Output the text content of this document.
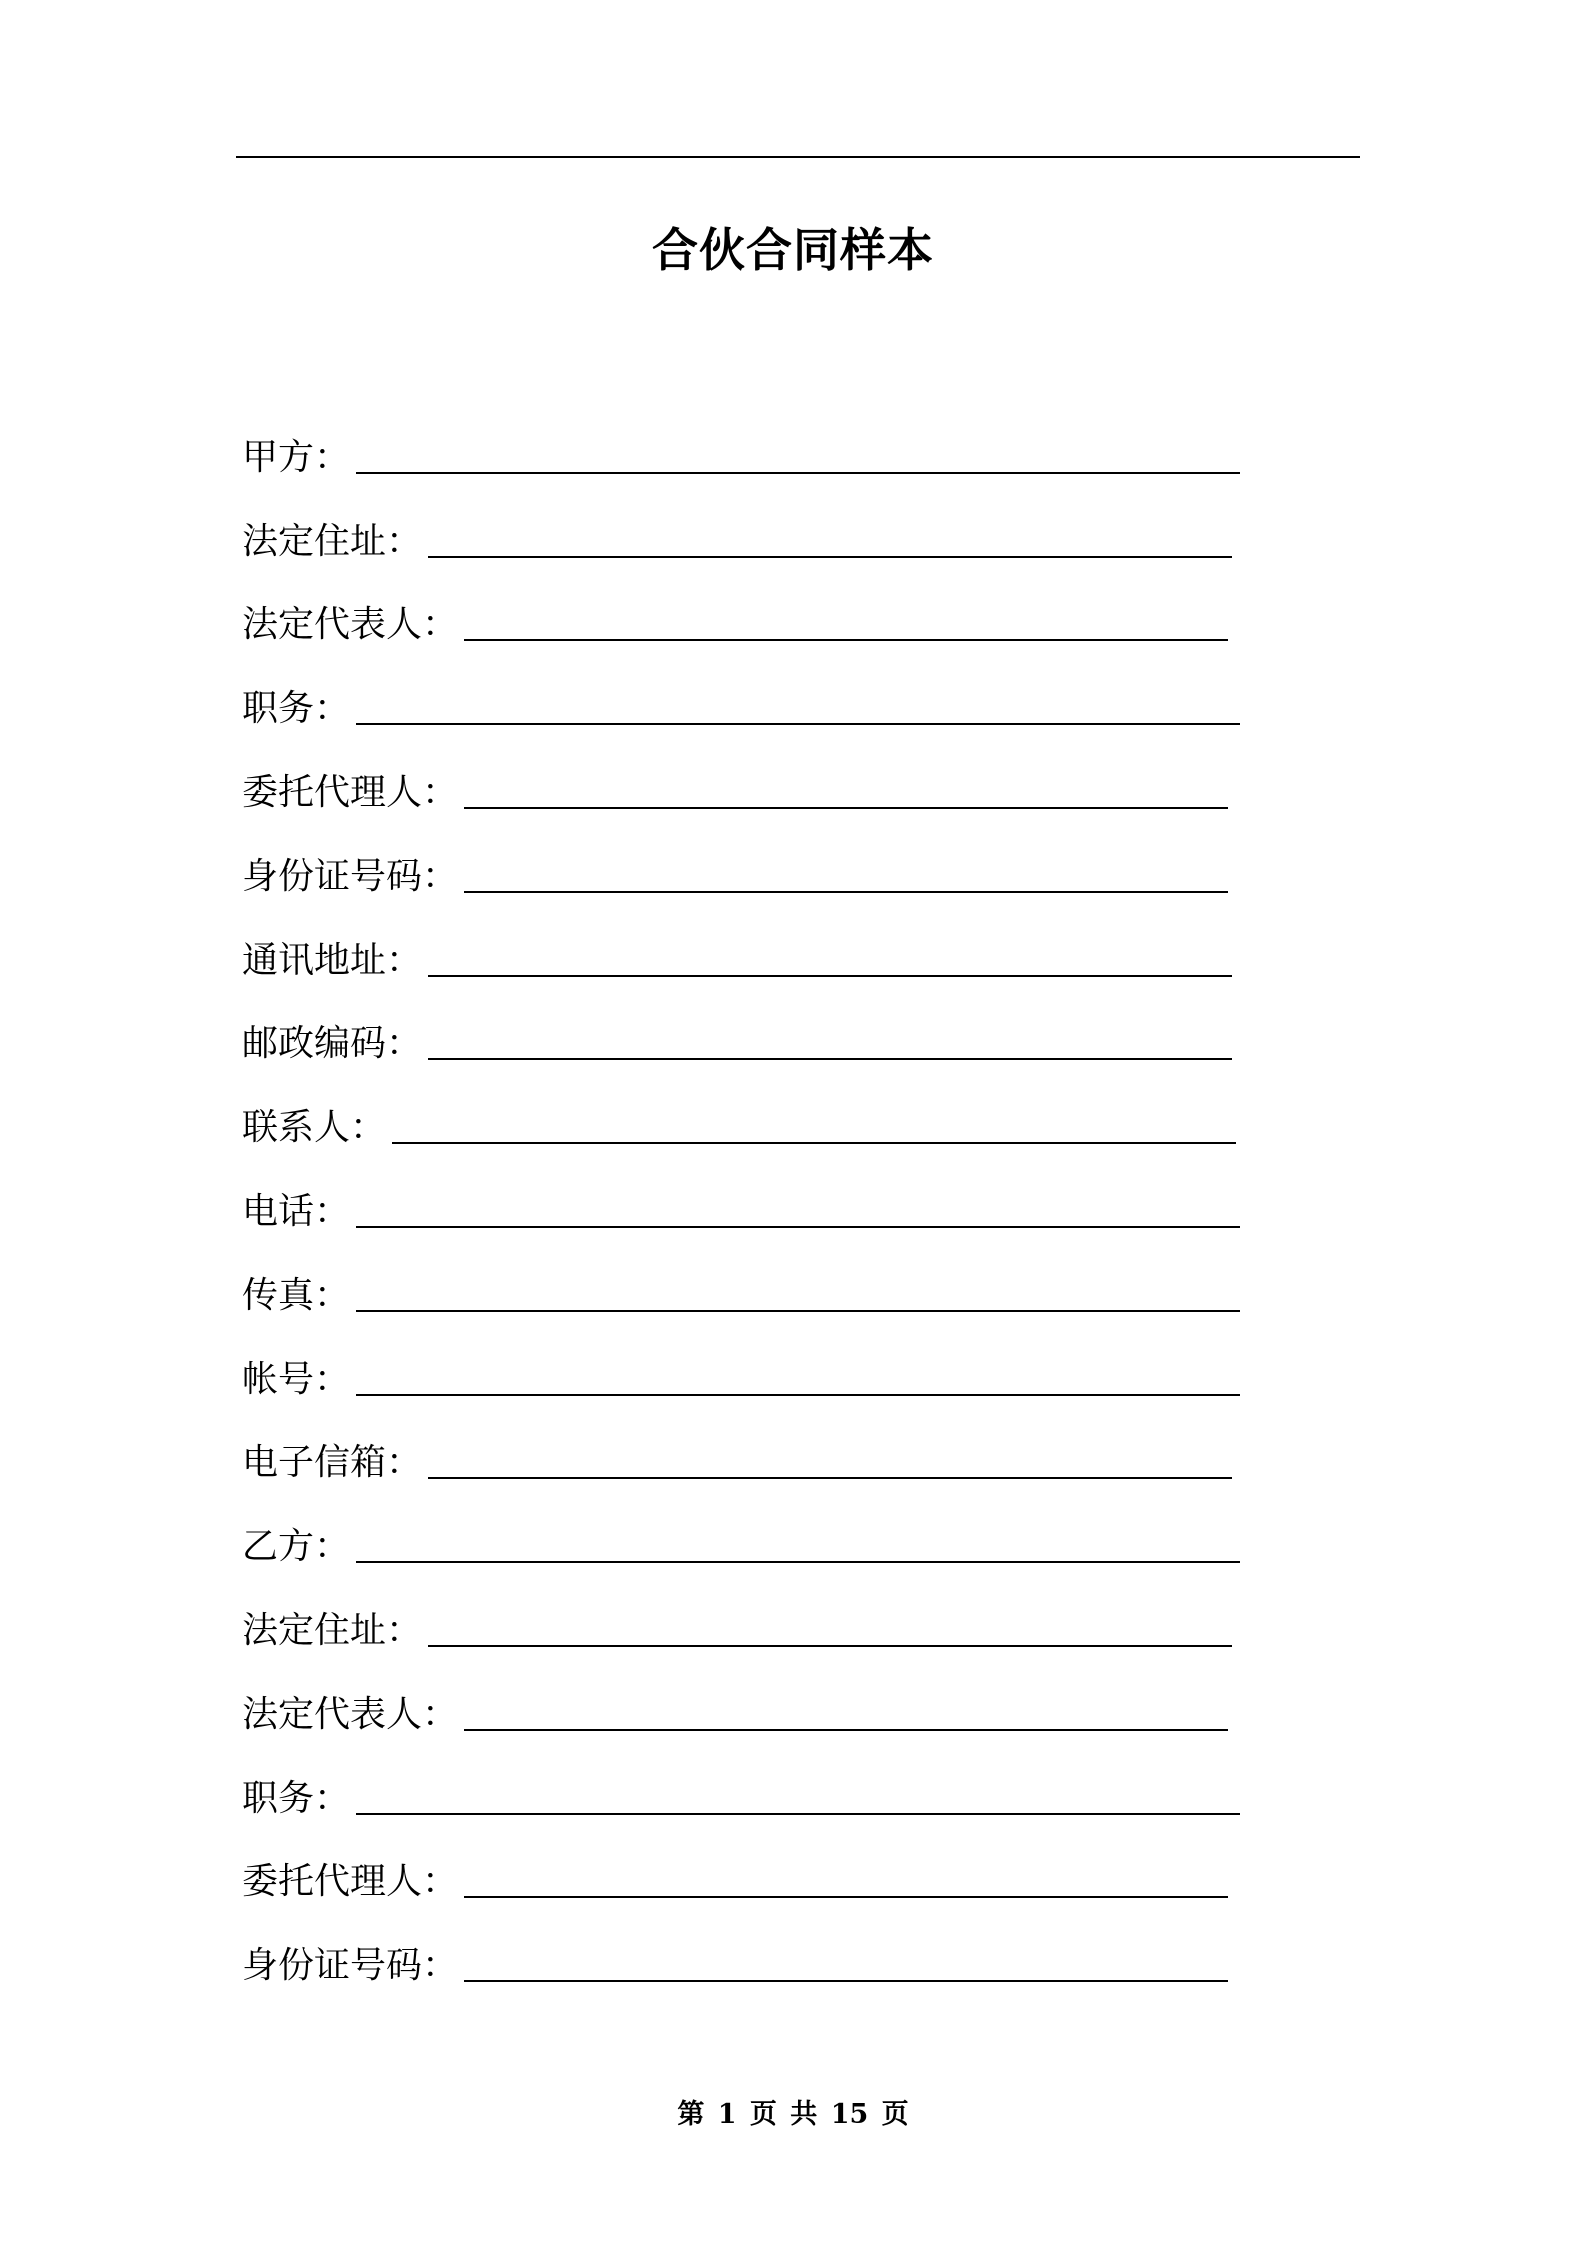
合伙合同样本
甲方：
法定住址：
法定代表人：
职务：
委托代理人：
身份证号码：
通讯地址：
邮政编码：
联系人：
电话：
传真：
帐号：
电子信箱：
乙方：
法定住址：
法定代表人：
职务：
委托代理人：
身份证号码：
第 1 页 共 15 页
